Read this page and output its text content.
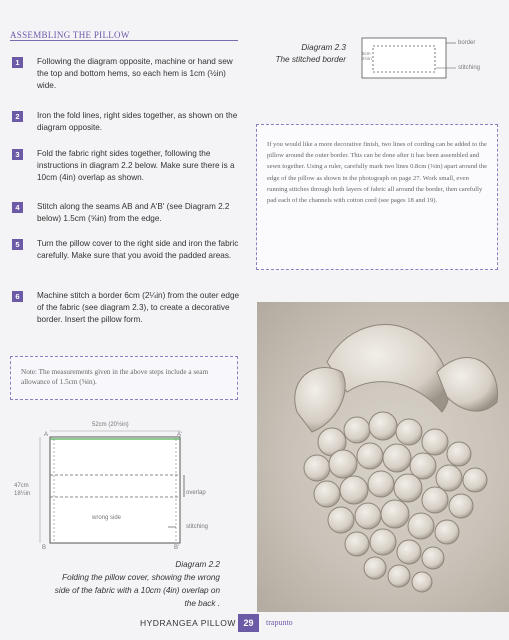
ASSEMBLING THE PILLOW
1	Following the diagram opposite, machine or hand sew the top and bottom hems, so each hem is 1cm (½in) wide.
2	Iron the fold lines, right sides together, as shown on the diagram opposite.
3	Fold the fabric right sides together, following the instructions in diagram 2.2 below. Make sure there is a 10cm (4in) overlap as shown.
4	Stitch along the seams AB and A'B' (see Diagram 2.2 below) 1.5cm (⅝in) from the edge.
5	Turn the pillow cover to the right side and iron the fabric carefully. Make sure that you avoid the padded areas.
6	Machine stitch a border 6cm (2¼in) from the outer edge of the fabric (see diagram 2.3), to create a decorative border. Insert the pillow form.
Note: The measurements given in the above steps include a seam allowance of 1.5cm (⅝in).
Diagram 2.3
The stitched border
border
stitching
6cm 2½in
If you would like a more decorative finish, two lines of cording can be added to the pillow around the outer border. This can be done after it has been assembled and sewn together. Using a ruler, carefully mark two lines 0.8cm (⅓in) apart around the edge of the pillow as shown in the photograph on page 27. Work small, even running stitches through both layers of fabric all around the border, then carefully pad each of the channels with cotton cord (see pages 18 and 19).
52cm (20½in)
A	A'
B	B'
47cm
18½in	overlap
wrong side
stitching
Diagram 2.2
Folding the pillow cover, showing the wrong
side of the fabric with a 10cm (4in) overlap on
the back .
HYDRANGEA PILLOW 29	trapunto
